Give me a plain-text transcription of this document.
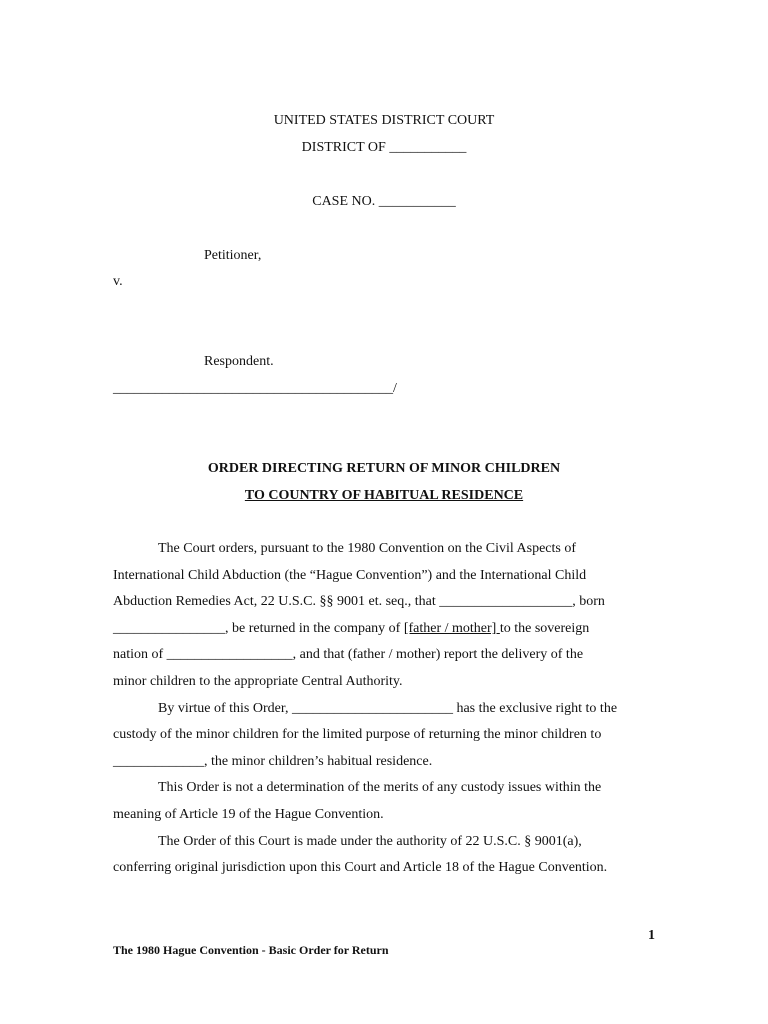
UNITED STATES DISTRICT COURT
DISTRICT OF ___________
CASE NO. ___________
Petitioner,
v.
Respondent.
________________________________________/
ORDER DIRECTING RETURN OF MINOR CHILDREN
TO COUNTRY OF HABITUAL RESIDENCE
The Court orders, pursuant to the 1980 Convention on the Civil Aspects of
International Child Abduction (the “Hague Convention”) and the International Child
Abduction Remedies Act, 22 U.S.C. §§ 9001 et. seq., that ___________________, born
________________, be returned in the company of [father / mother] to the sovereign
nation of __________________, and that (father / mother) report the delivery of the
minor children to the appropriate Central Authority.
By virtue of this Order, _______________________ has the exclusive right to the
custody of the minor children for the limited purpose of returning the minor children to
_____________, the minor children’s habitual residence.
This Order is not a determination of the merits of any custody issues within the
meaning of Article 19 of the Hague Convention.
The Order of this Court is made under the authority of 22 U.S.C. § 9001(a),
conferring original jurisdiction upon this Court and Article 18 of the Hague Convention.
1
The 1980 Hague Convention - Basic Order for Return
